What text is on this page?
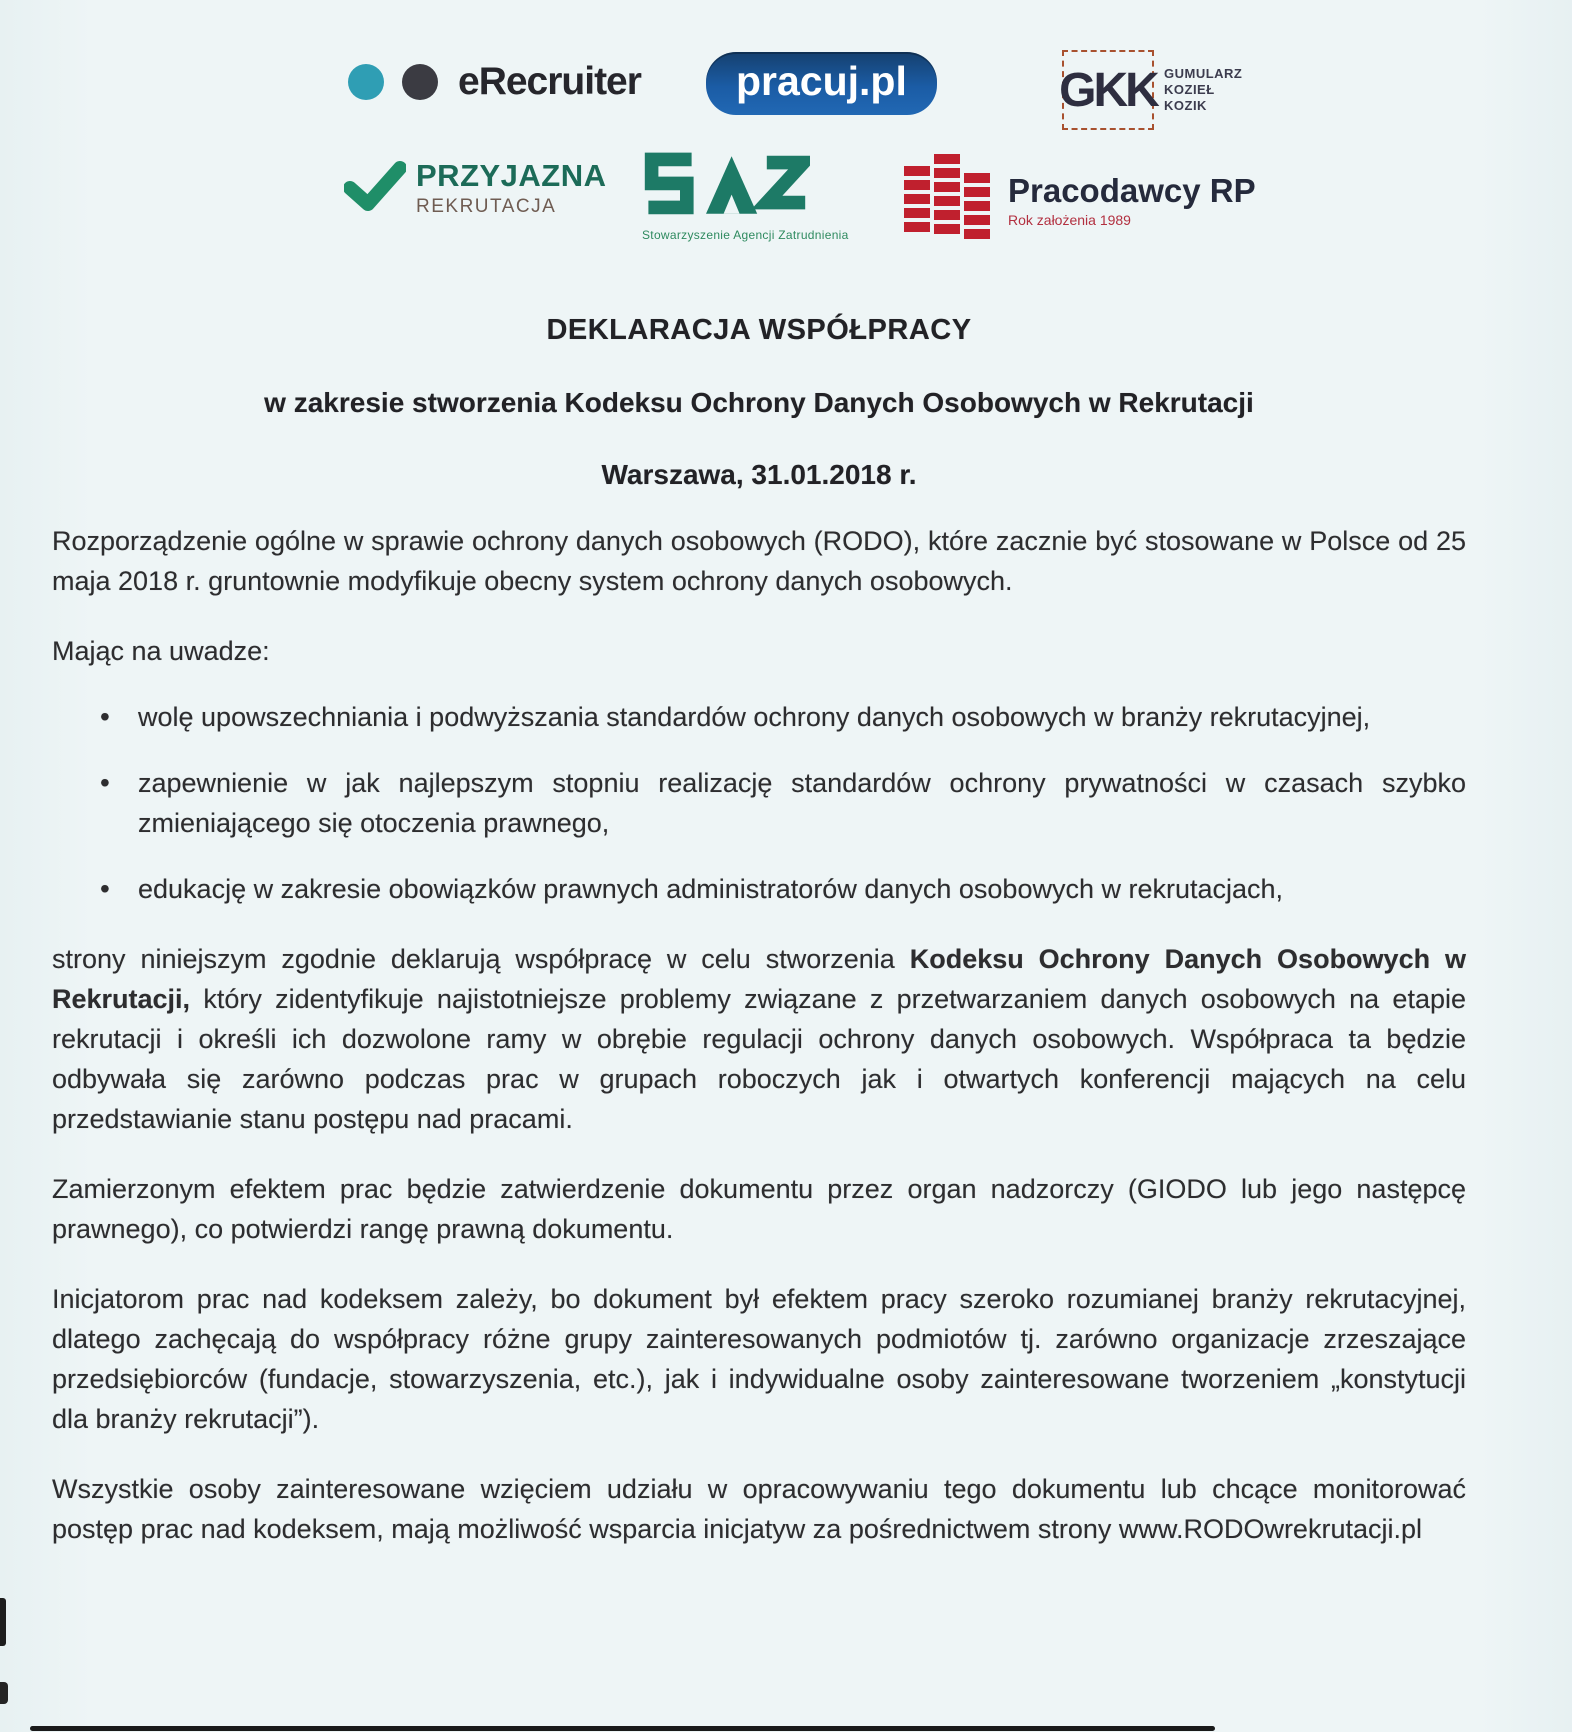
eRecruiter	pracuj.pl	GKK GUMULARZ
KOZIEŁ
KOZIK
PRZYJAZNA
REKRUTACJA
Stowarzyszenie Agencji Zatrudnienia
Pracodawcy RP
Rok założenia 1989
DEKLARACJA WSPÓŁPRACY
w zakresie stworzenia Kodeksu Ochrony Danych Osobowych w Rekrutacji
Warszawa, 31.01.2018 r.

Rozporządzenie ogólne w sprawie ochrony danych osobowych (RODO), które zacznie być stosowane w Polsce od 25 maja 2018 r. gruntownie modyfikuje obecny system ochrony danych osobowych.

Mając na uwadze:

• wolę upowszechniania i podwyższania standardów ochrony danych osobowych w branży rekrutacyjnej,
• zapewnienie w jak najlepszym stopniu realizację standardów ochrony prywatności w czasach szybko zmieniającego się otoczenia prawnego,
• edukację w zakresie obowiązków prawnych administratorów danych osobowych w rekrutacjach,

strony niniejszym zgodnie deklarują współpracę w celu stworzenia Kodeksu Ochrony Danych Osobowych w Rekrutacji, który zidentyfikuje najistotniejsze problemy związane z przetwarzaniem danych osobowych na etapie rekrutacji i określi ich dozwolone ramy w obrębie regulacji ochrony danych osobowych. Współpraca ta będzie odbywała się zarówno podczas prac w grupach roboczych jak i otwartych konferencji mających na celu przedstawianie stanu postępu nad pracami.

Zamierzonym efektem prac będzie zatwierdzenie dokumentu przez organ nadzorczy (GIODO lub jego następcę prawnego), co potwierdzi rangę prawną dokumentu.

Inicjatorom prac nad kodeksem zależy, bo dokument był efektem pracy szeroko rozumianej branży rekrutacyjnej, dlatego zachęcają do współpracy różne grupy zainteresowanych podmiotów tj. zarówno organizacje zrzeszające przedsiębiorców (fundacje, stowarzyszenia, etc.), jak i indywidualne osoby zainteresowane tworzeniem „konstytucji dla branży rekrutacji”).

Wszystkie osoby zainteresowane wzięciem udziału w opracowywaniu tego dokumentu lub chcące monitorować postęp prac nad kodeksem, mają możliwość wsparcia inicjatyw za pośrednictwem strony www.RODOwrekrutacji.pl
